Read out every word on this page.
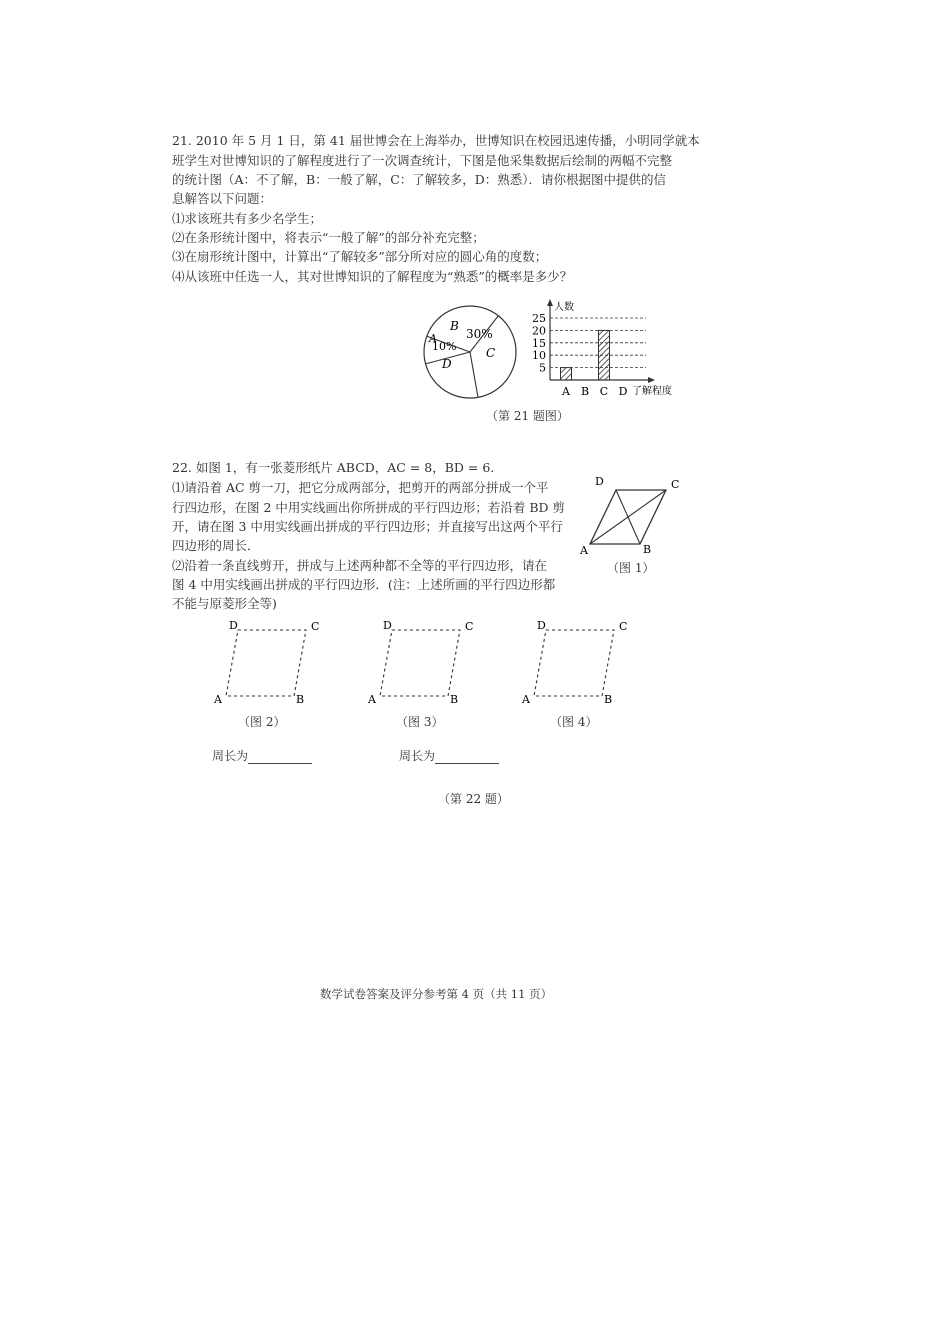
21. 2010 年 5 月 1 日，第 41 届世博会在上海举办，世博知识在校园迅速传播，小明同学就本
班学生对世博知识的了解程度进行了一次调查统计，下图是他采集数据后绘制的两幅不完整
的统计图（A：不了解，B：一般了解，C：了解较多，D：熟悉）．请你根据图中提供的信
息解答以下问题：
⑴求该班共有多少名学生；
⑵在条形统计图中，将表示“一般了解”的部分补充完整；
⑶在扇形统计图中，计算出“了解较多”部分所对应的圆心角的度数；
⑷从该班中任选一人，其对世博知识的了解程度为“熟悉”的概率是多少？
B
30%
A
10% C
D
人数
5
10
15
20
25
A B C D 了解程度
（第 21 题图）
22. 如图 1，有一张菱形纸片 ABCD，AC = 8，BD = 6．
⑴请沿着 AC 剪一刀，把它分成两部分，把剪开的两部分拼成一个平
行四边形，在图 2 中用实线画出你所拼成的平行四边形；若沿着 BD 剪
开，请在图 3 中用实线画出拼成的平行四边形；并直接写出这两个平行
四边形的周长．
⑵沿着一条直线剪开，拼成与上述两种都不全等的平行四边形，请在
图 4 中用实线画出拼成的平行四边形．(注：上述所画的平行四边形都
不能与原菱形全等)
D	C
A	B
（图 1）
D	C
A	B
D	C
A	B
D	C
A	B
（图 2）	（图 3）	（图 4）
周长为	周长为
（第 22 题）
数学试卷答案及评分参考第 4 页（共 11 页）
